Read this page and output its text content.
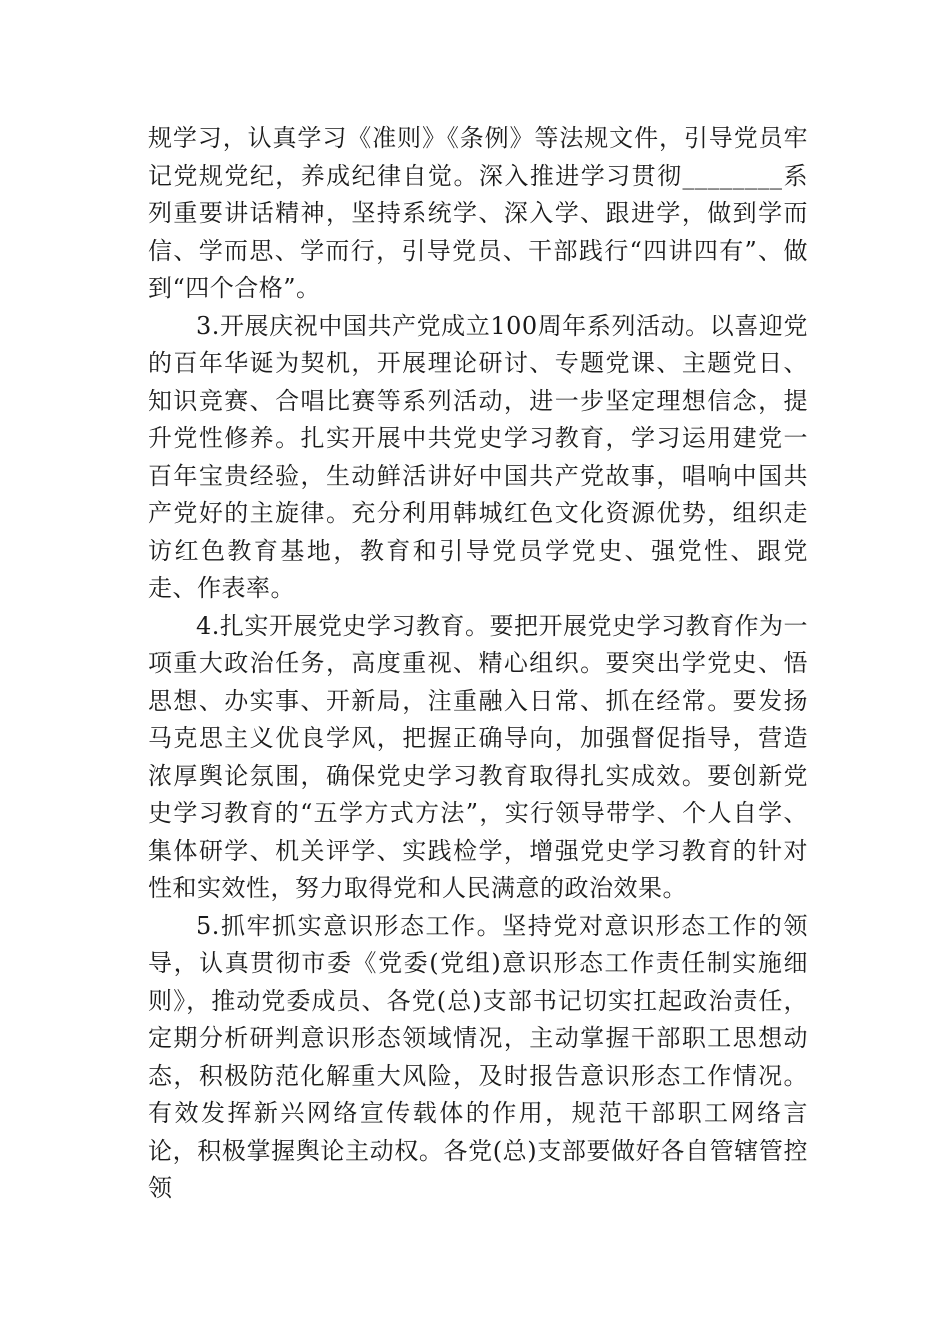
规学习，认真学习《准则》《条例》等法规文件，引导党员牢记党规党纪，养成纪律自觉。深入推进学习贯彻________系列重要讲话精神，坚持系统学、深入学、跟进学，做到学而信、学而思、学而行，引导党员、干部践行“四讲四有”、做到“四个合格”。

3.开展庆祝中国共产党成立100周年系列活动。以喜迎党的百年华诞为契机，开展理论研讨、专题党课、主题党日、知识竞赛、合唱比赛等系列活动，进一步坚定理想信念，提升党性修养。扎实开展中共党史学习教育，学习运用建党一百年宝贵经验，生动鲜活讲好中国共产党故事，唱响中国共产党好的主旋律。充分利用韩城红色文化资源优势，组织走访红色教育基地，教育和引导党员学党史、强党性、跟党走、作表率。

4.扎实开展党史学习教育。要把开展党史学习教育作为一项重大政治任务，高度重视、精心组织。要突出学党史、悟思想、办实事、开新局，注重融入日常、抓在经常。要发扬马克思主义优良学风，把握正确导向，加强督促指导，营造浓厚舆论氛围，确保党史学习教育取得扎实成效。要创新党史学习教育的“五学方式方法”，实行领导带学、个人自学、集体研学、机关评学、实践检学，增强党史学习教育的针对性和实效性，努力取得党和人民满意的政治效果。

5.抓牢抓实意识形态工作。坚持党对意识形态工作的领导，认真贯彻市委《党委(党组)意识形态工作责任制实施细则》，推动党委成员、各党(总)支部书记切实扛起政治责任，定期分析研判意识形态领域情况，主动掌握干部职工思想动态，积极防范化解重大风险，及时报告意识形态工作情况。有效发挥新兴网络宣传载体的作用，规范干部职工网络言论，积极掌握舆论主动权。各党(总)支部要做好各自管辖管控领
